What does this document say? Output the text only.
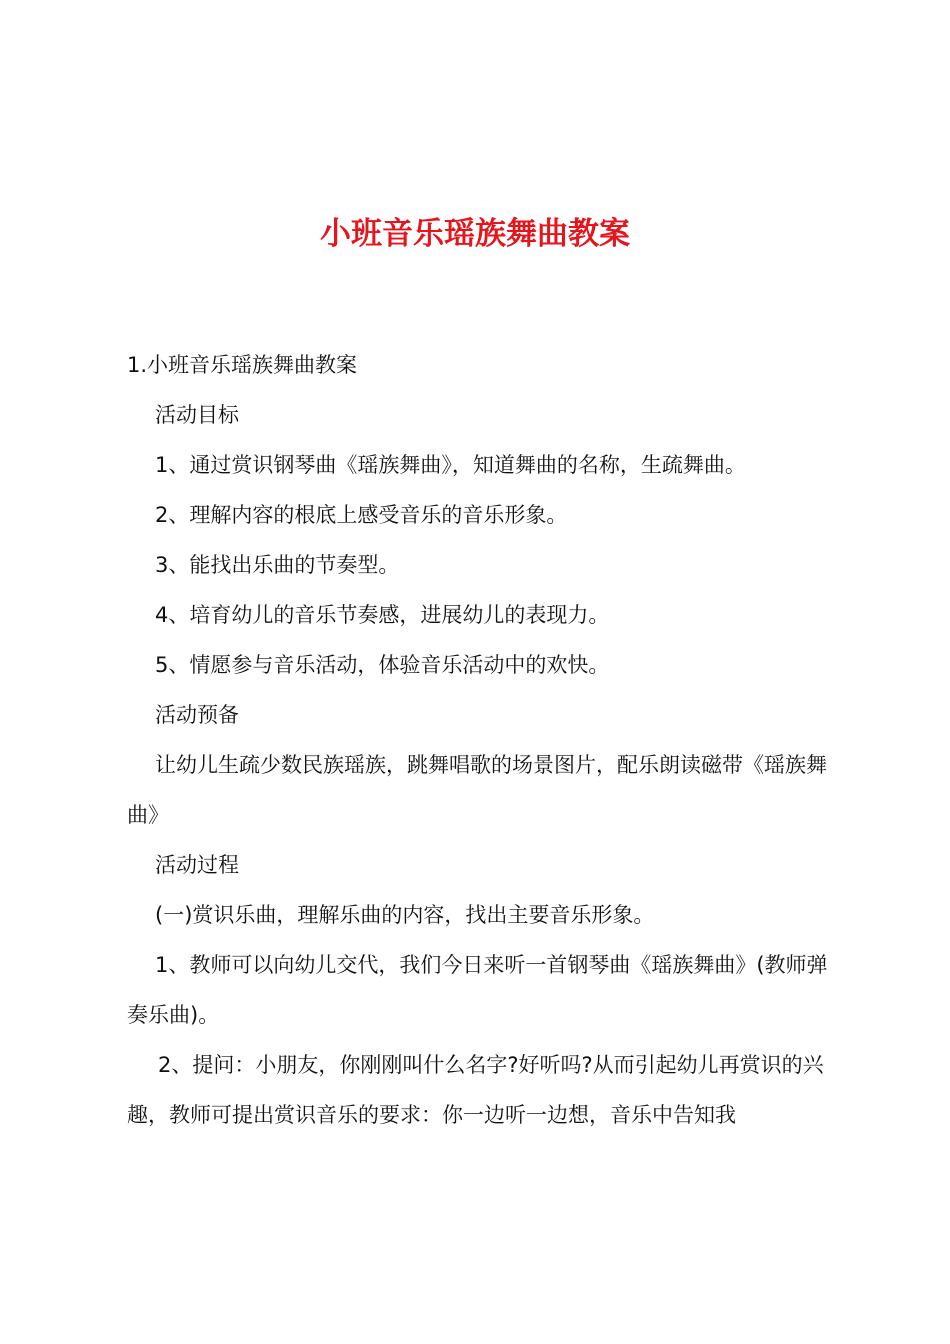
小班音乐瑶族舞曲教案

1.小班音乐瑶族舞曲教案

活动目标

1、通过赏识钢琴曲《瑶族舞曲》，知道舞曲的名称，生疏舞曲。

2、理解内容的根底上感受音乐的音乐形象。

3、能找出乐曲的节奏型。

4、培育幼儿的音乐节奏感，进展幼儿的表现力。

5、情愿参与音乐活动，体验音乐活动中的欢快。

活动预备

让幼儿生疏少数民族瑶族，跳舞唱歌的场景图片，配乐朗读磁带《瑶族舞曲》

活动过程

(一)赏识乐曲，理解乐曲的内容，找出主要音乐形象。

1、教师可以向幼儿交代，我们今日来听一首钢琴曲《瑶族舞曲》(教师弹奏乐曲)。

2、提问：小朋友，你刚刚叫什么名字?好听吗?从而引起幼儿再赏识的兴趣，教师可提出赏识音乐的要求：你一边听一边想，音乐中告知我
